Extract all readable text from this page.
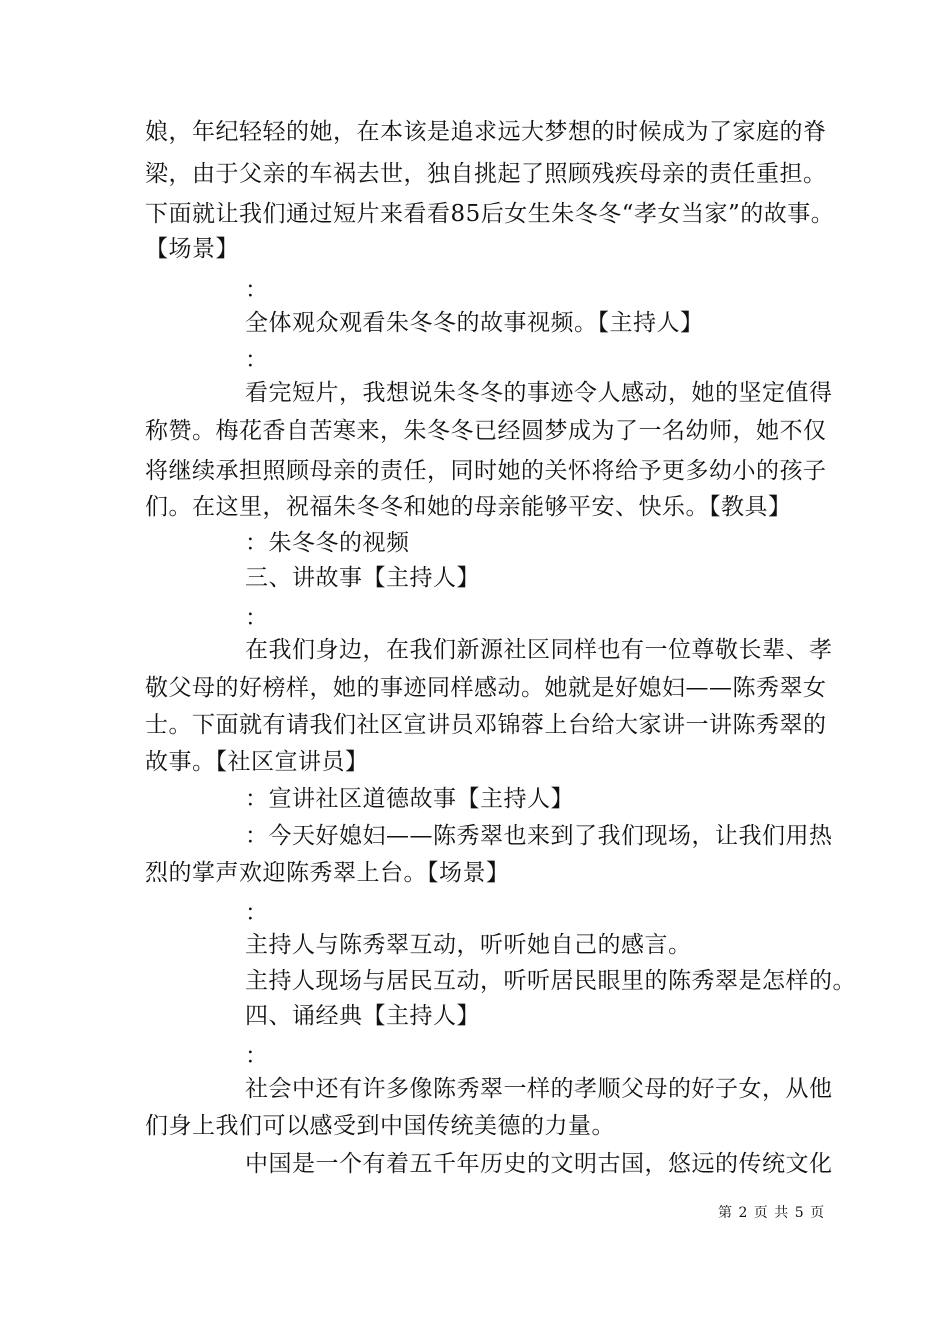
娘，年纪轻轻的她，在本该是追求远大梦想的时候成为了家庭的脊
梁，由于父亲的车祸去世，独自挑起了照顾残疾母亲的责任重担。
下面就让我们通过短片来看看85后女生朱冬冬“孝女当家”的故事。
【场景】
：
全体观众观看朱冬冬的故事视频。【主持人】
：
看完短片，我想说朱冬冬的事迹令人感动，她的坚定值得
称赞。梅花香自苦寒来，朱冬冬已经圆梦成为了一名幼师，她不仅
将继续承担照顾母亲的责任，同时她的关怀将给予更多幼小的孩子
们。在这里，祝福朱冬冬和她的母亲能够平安、快乐。【教具】
：朱冬冬的视频
三、讲故事【主持人】
：
在我们身边，在我们新源社区同样也有一位尊敬长辈、孝
敬父母的好榜样，她的事迹同样感动。她就是好媳妇——陈秀翠女
士。下面就有请我们社区宣讲员邓锦蓉上台给大家讲一讲陈秀翠的
故事。【社区宣讲员】
：宣讲社区道德故事【主持人】
：今天好媳妇——陈秀翠也来到了我们现场，让我们用热
烈的掌声欢迎陈秀翠上台。【场景】
：
主持人与陈秀翠互动，听听她自己的感言。
主持人现场与居民互动，听听居民眼里的陈秀翠是怎样的。
四、诵经典【主持人】
：
社会中还有许多像陈秀翠一样的孝顺父母的好子女，从他
们身上我们可以感受到中国传统美德的力量。
中国是一个有着五千年历史的文明古国，悠远的传统文化
第 2 页 共 5 页
